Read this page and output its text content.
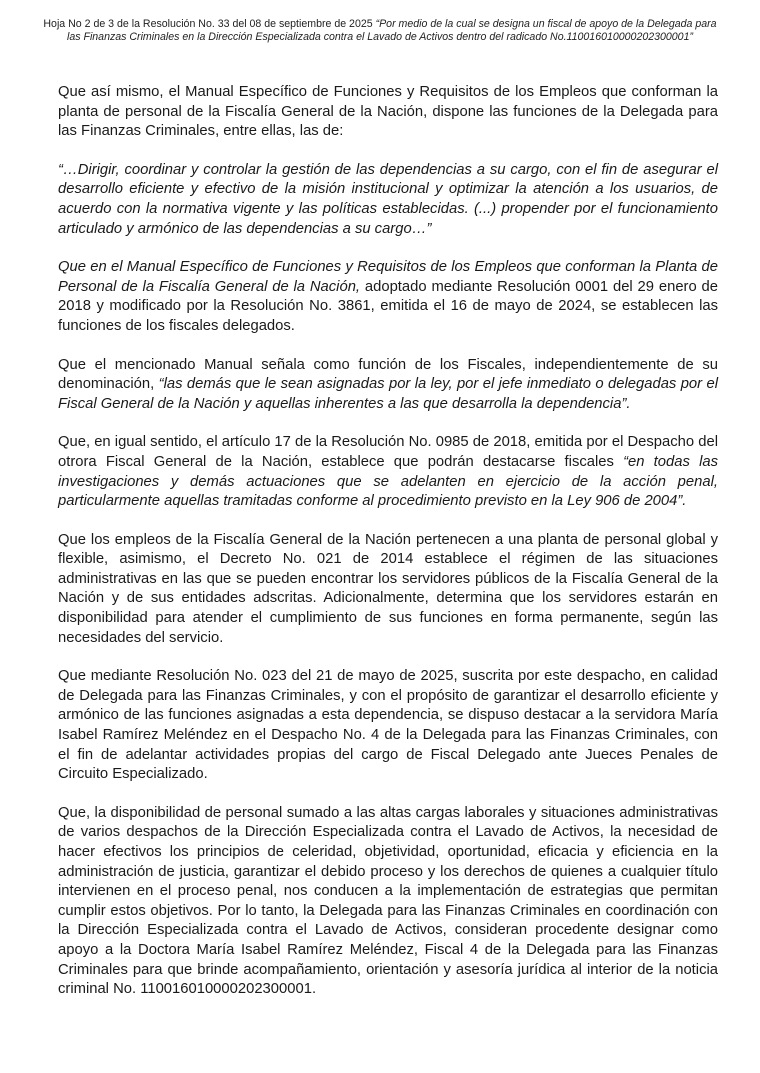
Hoja No 2 de 3 de la Resolución No. 33 del 08 de septiembre de 2025 “Por medio de la cual se designa un fiscal de apoyo de la Delegada para las Finanzas Criminales en la Dirección Especializada contra el Lavado de Activos dentro del radicado No.110016010000202300001”

Que así mismo, el Manual Específico de Funciones y Requisitos de los Empleos que conforman la planta de personal de la Fiscalía General de la Nación, dispone las funciones de la Delegada para las Finanzas Criminales, entre ellas, las de:

“…Dirigir, coordinar y controlar la gestión de las dependencias a su cargo, con el fin de asegurar el desarrollo eficiente y efectivo de la misión institucional y optimizar la atención a los usuarios, de acuerdo con la normativa vigente y las políticas establecidas. (...) propender por el funcionamiento articulado y armónico de las dependencias a su cargo…”

Que en el Manual Específico de Funciones y Requisitos de los Empleos que conforman la Planta de Personal de la Fiscalía General de la Nación, adoptado mediante Resolución 0001 del 29 enero de 2018 y modificado por la Resolución No. 3861, emitida el 16 de mayo de 2024, se establecen las funciones de los fiscales delegados.

Que el mencionado Manual señala como función de los Fiscales, independientemente de su denominación, “las demás que le sean asignadas por la ley, por el jefe inmediato o delegadas por el Fiscal General de la Nación y aquellas inherentes a las que desarrolla la dependencia”.

Que, en igual sentido, el artículo 17 de la Resolución No. 0985 de 2018, emitida por el Despacho del otrora Fiscal General de la Nación, establece que podrán destacarse fiscales “en todas las investigaciones y demás actuaciones que se adelanten en ejercicio de la acción penal, particularmente aquellas tramitadas conforme al procedimiento previsto en la Ley 906 de 2004”.

Que los empleos de la Fiscalía General de la Nación pertenecen a una planta de personal global y flexible, asimismo, el Decreto No. 021 de 2014 establece el régimen de las situaciones administrativas en las que se pueden encontrar los servidores públicos de la Fiscalía General de la Nación y de sus entidades adscritas. Adicionalmente, determina que los servidores estarán en disponibilidad para atender el cumplimiento de sus funciones en forma permanente, según las necesidades del servicio.

Que mediante Resolución No. 023 del 21 de mayo de 2025, suscrita por este despacho, en calidad de Delegada para las Finanzas Criminales, y con el propósito de garantizar el desarrollo eficiente y armónico de las funciones asignadas a esta dependencia, se dispuso destacar a la servidora María Isabel Ramírez Meléndez en el Despacho No. 4 de la Delegada para las Finanzas Criminales, con el fin de adelantar actividades propias del cargo de Fiscal Delegado ante Jueces Penales de Circuito Especializado.

Que, la disponibilidad de personal sumado a las altas cargas laborales y situaciones administrativas de varios despachos de la Dirección Especializada contra el Lavado de Activos, la necesidad de hacer efectivos los principios de celeridad, objetividad, oportunidad, eficacia y eficiencia en la administración de justicia, garantizar el debido proceso y los derechos de quienes a cualquier título intervienen en el proceso penal, nos conducen a la implementación de estrategias que permitan cumplir estos objetivos. Por lo tanto, la Delegada para las Finanzas Criminales en coordinación con la Dirección Especializada contra el Lavado de Activos, consideran procedente designar como apoyo a la Doctora María Isabel Ramírez Meléndez, Fiscal 4 de la Delegada para las Finanzas Criminales para que brinde acompañamiento, orientación y asesoría jurídica al interior de la noticia criminal No. 110016010000202300001.
